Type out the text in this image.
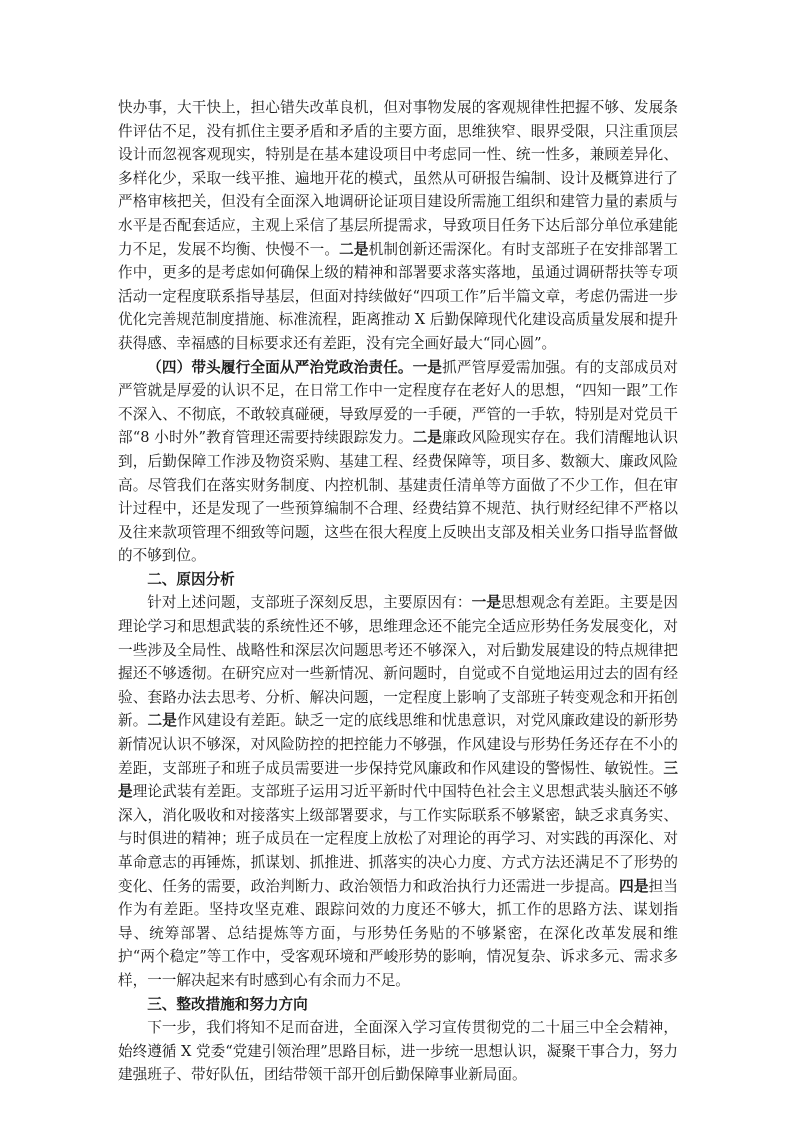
快办事，大干快上，担心错失改革良机，但对事物发展的客观规律性把握不够、发展条件评估不足，没有抓住主要矛盾和矛盾的主要方面，思维狭窄、眼界受限，只注重顶层设计而忽视客观现实，特别是在基本建设项目中考虑同一性、统一性多，兼顾差异化、多样化少，采取一线平推、遍地开花的模式，虽然从可研报告编制、设计及概算进行了严格审核把关，但没有全面深入地调研论证项目建设所需施工组织和建管力量的素质与水平是否配套适应，主观上采信了基层所提需求，导致项目任务下达后部分单位承建能力不足，发展不均衡、快慢不一。二是机制创新还需深化。有时支部班子在安排部署工作中，更多的是考虑如何确保上级的精神和部署要求落实落地，虽通过调研帮扶等专项活动一定程度联系指导基层，但面对持续做好“四项工作”后半篇文章，考虑仍需进一步优化完善规范制度措施、标准流程，距离推动 X 后勤保障现代化建设高质量发展和提升获得感、幸福感的目标要求还有差距，没有完全画好最大“同心圆”。

（四）带头履行全面从严治党政治责任。一是抓严管厚爱需加强。有的支部成员对严管就是厚爱的认识不足，在日常工作中一定程度存在老好人的思想，“四知一跟”工作不深入、不彻底，不敢较真碰硬，导致厚爱的一手硬，严管的一手软，特别是对党员干部“8 小时外”教育管理还需要持续跟踪发力。二是廉政风险现实存在。我们清醒地认识到，后勤保障工作涉及物资采购、基建工程、经费保障等，项目多、数额大、廉政风险高。尽管我们在落实财务制度、内控机制、基建责任清单等方面做了不少工作，但在审计过程中，还是发现了一些预算编制不合理、经费结算不规范、执行财经纪律不严格以及往来款项管理不细致等问题，这些在很大程度上反映出支部及相关业务口指导监督做的不够到位。

二、原因分析

针对上述问题，支部班子深刻反思，主要原因有：一是思想观念有差距。主要是因理论学习和思想武装的系统性还不够，思维理念还不能完全适应形势任务发展变化，对一些涉及全局性、战略性和深层次问题思考还不够深入，对后勤发展建设的特点规律把握还不够透彻。在研究应对一些新情况、新问题时，自觉或不自觉地运用过去的固有经验、套路办法去思考、分析、解决问题，一定程度上影响了支部班子转变观念和开拓创新。二是作风建设有差距。缺乏一定的底线思维和忧患意识，对党风廉政建设的新形势新情况认识不够深，对风险防控的把控能力不够强，作风建设与形势任务还存在不小的差距，支部班子和班子成员需要进一步保持党风廉政和作风建设的警惕性、敏锐性。三是理论武装有差距。支部班子运用习近平新时代中国特色社会主义思想武装头脑还不够深入，消化吸收和对接落实上级部署要求，与工作实际联系不够紧密，缺乏求真务实、与时俱进的精神；班子成员在一定程度上放松了对理论的再学习、对实践的再深化、对革命意志的再锤炼，抓谋划、抓推进、抓落实的决心力度、方式方法还满足不了形势的变化、任务的需要，政治判断力、政治领悟力和政治执行力还需进一步提高。四是担当作为有差距。坚持攻坚克难、跟踪问效的力度还不够大，抓工作的思路方法、谋划指导、统筹部署、总结提炼等方面，与形势任务贴的不够紧密，在深化改革发展和维护“两个稳定”等工作中，受客观环境和严峻形势的影响，情况复杂、诉求多元、需求多样，一一解决起来有时感到心有余而力不足。

三、整改措施和努力方向

下一步，我们将知不足而奋进，全面深入学习宣传贯彻党的二十届三中全会精神，始终遵循 X 党委“党建引领治理”思路目标，进一步统一思想认识，凝聚干事合力，努力建强班子、带好队伍，团结带领干部开创后勤保障事业新局面。
